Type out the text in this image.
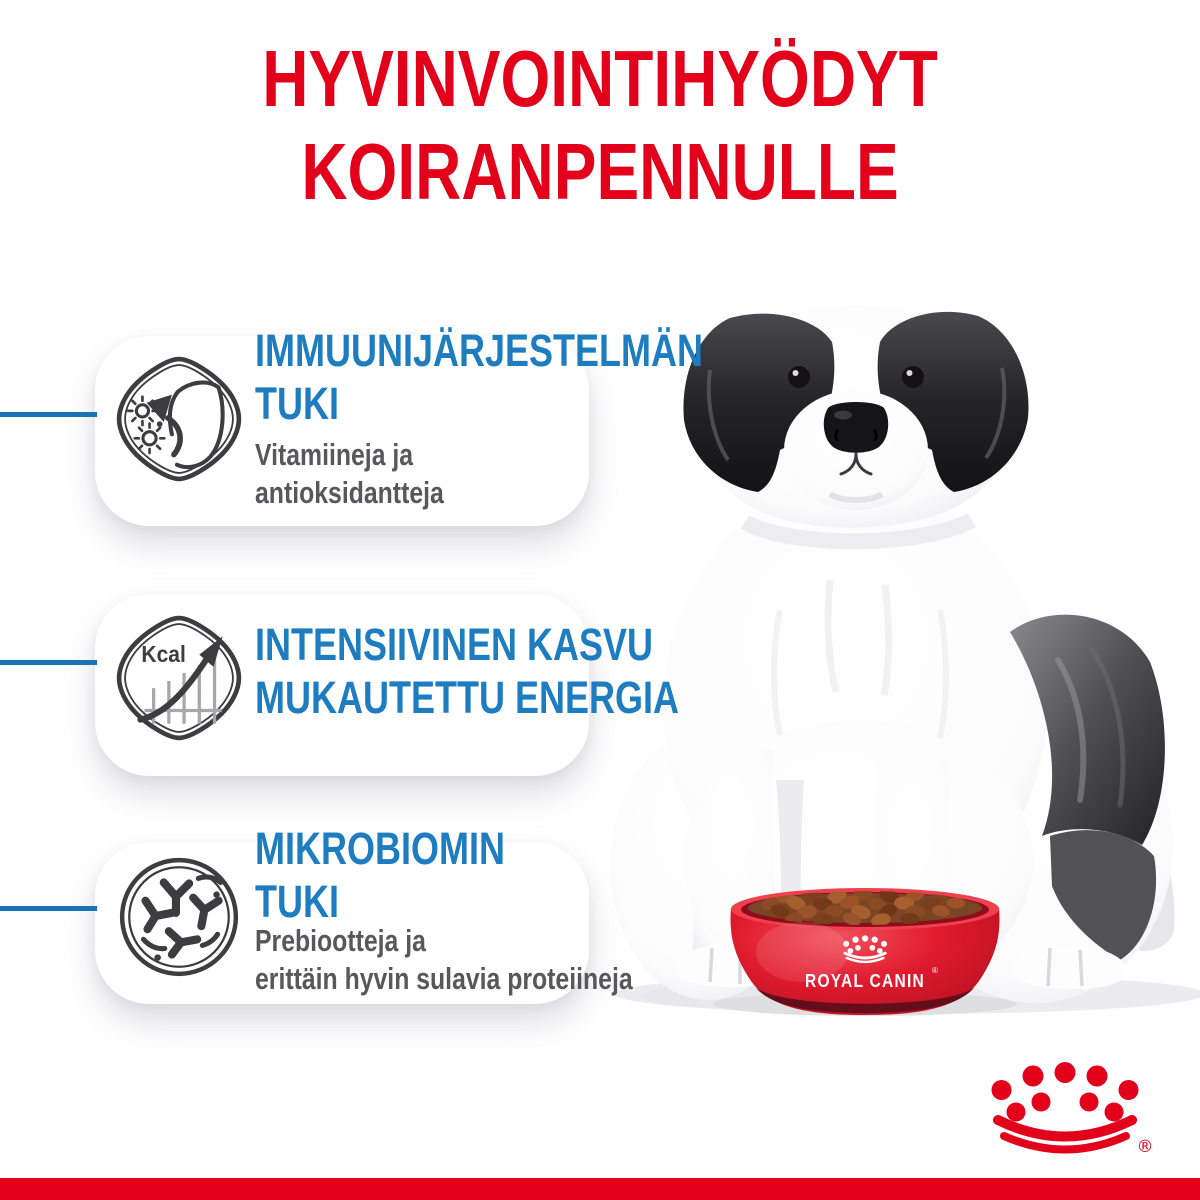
HYVINVOINTIHYÖDYT
KOIRANPENNULLE
ROYAL CANIN
®
IMMUUNIJÄRJESTELMÄN
TUKI
Vitamiineja ja
antioksidantteja
Kcal INTENSIIVINEN KASVU
MUKAUTETTU ENERGIA
MIKROBIOMIN
TUKI
Prebiootteja ja
erittäin hyvin sulavia proteiineja
®
